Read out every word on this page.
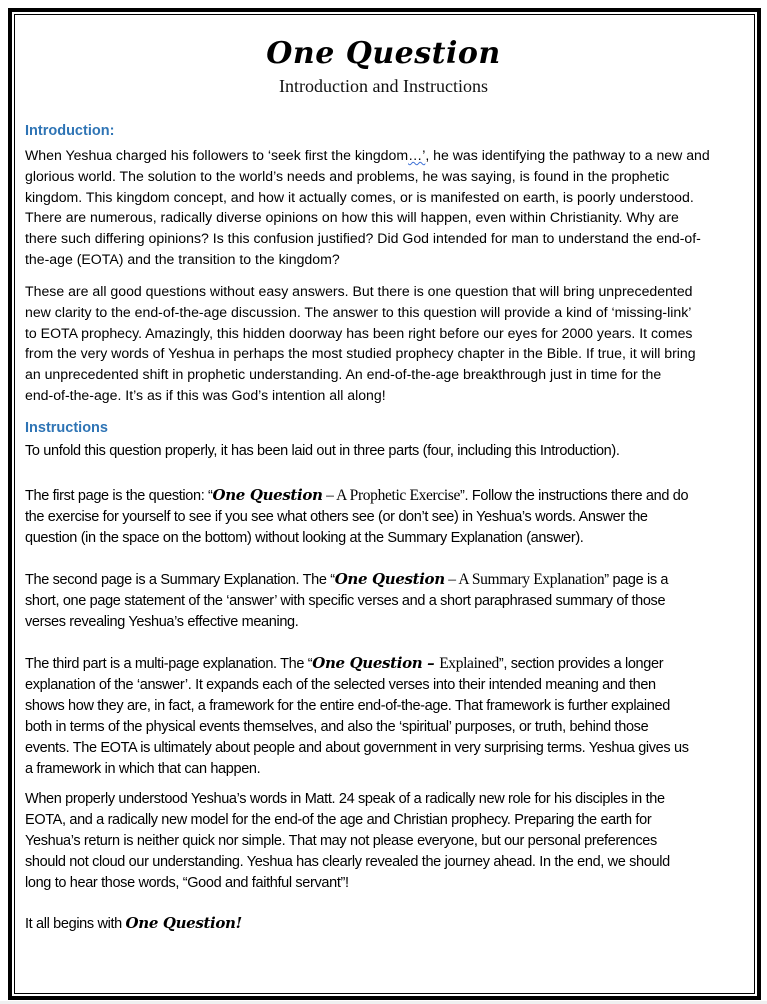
One Question
Introduction and Instructions
Introduction:
When Yeshua charged his followers to ‘seek first the kingdom…’, he was identifying the pathway to a new and
glorious world. The solution to the world’s needs and problems, he was saying, is found in the prophetic
kingdom. This kingdom concept, and how it actually comes, or is manifested on earth, is poorly understood.
There are numerous, radically diverse opinions on how this will happen, even within Christianity. Why are
there such differing opinions? Is this confusion justified? Did God intended for man to understand the end-of-
the-age (EOTA) and the transition to the kingdom?
These are all good questions without easy answers. But there is one question that will bring unprecedented
new clarity to the end-of-the-age discussion. The answer to this question will provide a kind of ‘missing-link’
to EOTA prophecy. Amazingly, this hidden doorway has been right before our eyes for 2000 years. It comes
from the very words of Yeshua in perhaps the most studied prophecy chapter in the Bible. If true, it will bring
an unprecedented shift in prophetic understanding. An end-of-the-age breakthrough just in time for the
end-of-the-age. It’s as if this was God’s intention all along!
Instructions
To unfold this question properly, it has been laid out in three parts (four, including this Introduction).
The first page is the question: “One Question – A Prophetic Exercise”. Follow the instructions there and do
the exercise for yourself to see if you see what others see (or don’t see) in Yeshua’s words. Answer the
question (in the space on the bottom) without looking at the Summary Explanation (answer).
The second page is a Summary Explanation. The “One Question – A Summary Explanation” page is a
short, one page statement of the ‘answer’ with specific verses and a short paraphrased summary of those
verses revealing Yeshua’s effective meaning.
The third part is a multi-page explanation. The “One Question – Explained”, section provides a longer
explanation of the ‘answer’. It expands each of the selected verses into their intended meaning and then
shows how they are, in fact, a framework for the entire end-of-the-age. That framework is further explained
both in terms of the physical events themselves, and also the ‘spiritual’ purposes, or truth, behind those
events. The EOTA is ultimately about people and about government in very surprising terms. Yeshua gives us
a framework in which that can happen.
When properly understood Yeshua’s words in Matt. 24 speak of a radically new role for his disciples in the
EOTA, and a radically new model for the end-of the age and Christian prophecy. Preparing the earth for
Yeshua’s return is neither quick nor simple. That may not please everyone, but our personal preferences
should not cloud our understanding. Yeshua has clearly revealed the journey ahead. In the end, we should
long to hear those words, “Good and faithful servant”!
It all begins with One Question!
